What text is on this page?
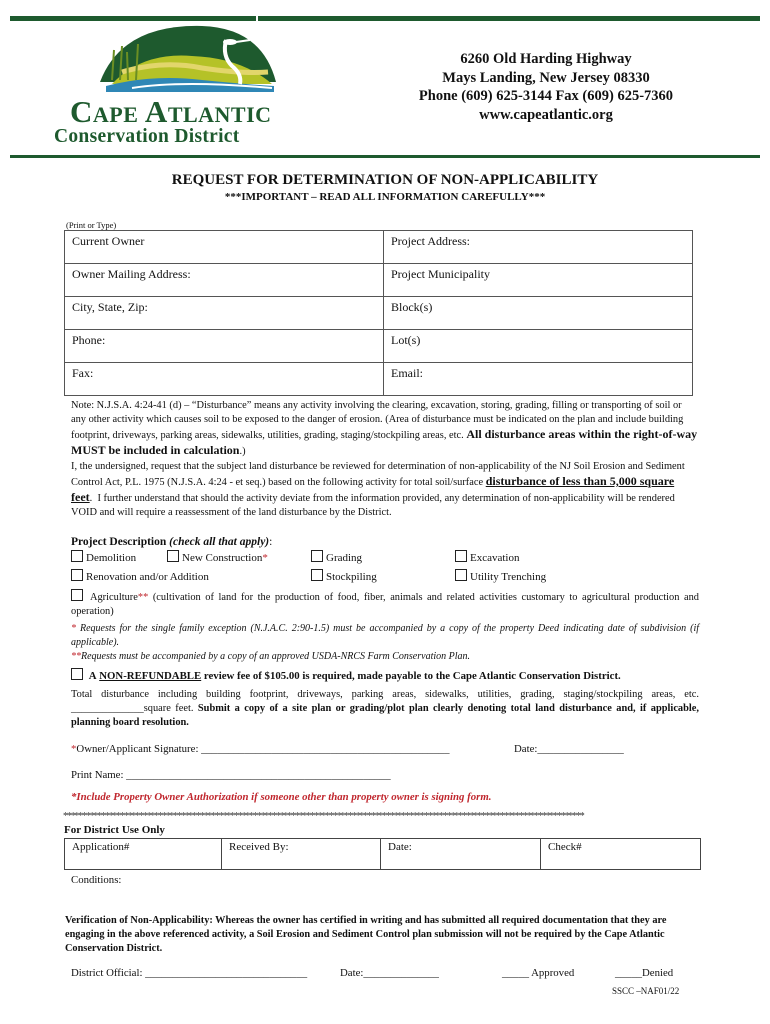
Cape Atlantic
Conservation District
6260 Old Harding Highway
Mays Landing, New Jersey 08330
Phone (609) 625-3144 Fax (609) 625-7360
www.capeatlantic.org
REQUEST FOR DETERMINATION OF NON-APPLICABILITY
***IMPORTANT – READ ALL INFORMATION CAREFULLY***
(Print or Type)
Current Owner	Project Address:
Owner Mailing Address:	Project Municipality
City, State, Zip:	Block(s)
Phone:	Lot(s)
Fax:	Email:
Note: N.J.S.A. 4:24-41 (d) – “Disturbance” means any activity involving the clearing, excavation, storing, grading, filling or transporting of soil or any other activity which causes soil to be exposed to the danger of erosion. (Area of disturbance must be indicated on the plan and include building footprint, driveways, parking areas, sidewalks, utilities, grading, staging/stockpiling areas, etc. All disturbance areas within the right-of-way MUST be included in calculation.)
I, the undersigned, request that the subject land disturbance be reviewed for determination of non-applicability of the NJ Soil Erosion and Sediment Control Act, P.L. 1975 (N.J.S.A. 4:24 - et seq.) based on the following activity for total soil/surface disturbance of less than 5,000 square feet.  I further understand that should the activity deviate from the information provided, any determination of non-applicability will be rendered VOID and will require a reassessment of the land disturbance by the District.
Project Description (check all that apply):
Demolition	New Construction*	Grading	Excavation
Renovation and/or Addition	Stockpiling	Utility Trenching
Agriculture** (cultivation of land for the production of food, fiber, animals and related activities customary to agricultural production and operation)
* Requests for the single family exception (N.J.A.C. 2:90-1.5) must be accompanied by a copy of the property Deed indicating date of subdivision (if applicable).
**Requests must be accompanied by a copy of an approved USDA-NRCS Farm Conservation Plan.
A NON-REFUNDABLE review fee of $105.00 is required, made payable to the Cape Atlantic Conservation District.
Total disturbance including building footprint, driveways, parking areas, sidewalks, utilities, grading, staging/stockpiling areas, etc. ______________square feet. Submit a copy of a site plan or grading/plot plan clearly denoting total land disturbance and, if applicable, planning board resolution.
*Owner/Applicant Signature: ______________________________________________	Date:________________
Print Name: _________________________________________________
*Include Property Owner Authorization if someone other than property owner is signing form.
*****************************************************************************************************************************************
For District Use Only
Application#	Received By:	Date:	Check#
Conditions:
Verification of Non-Applicability: Whereas the owner has certified in writing and has submitted all required documentation that they are engaging in the above referenced activity, a Soil Erosion and Sediment Control plan submission will not be required by the Cape Atlantic Conservation District.
District Official: ______________________________	Date:______________	_____ Approved	_____Denied
SSCC –NAF01/22
